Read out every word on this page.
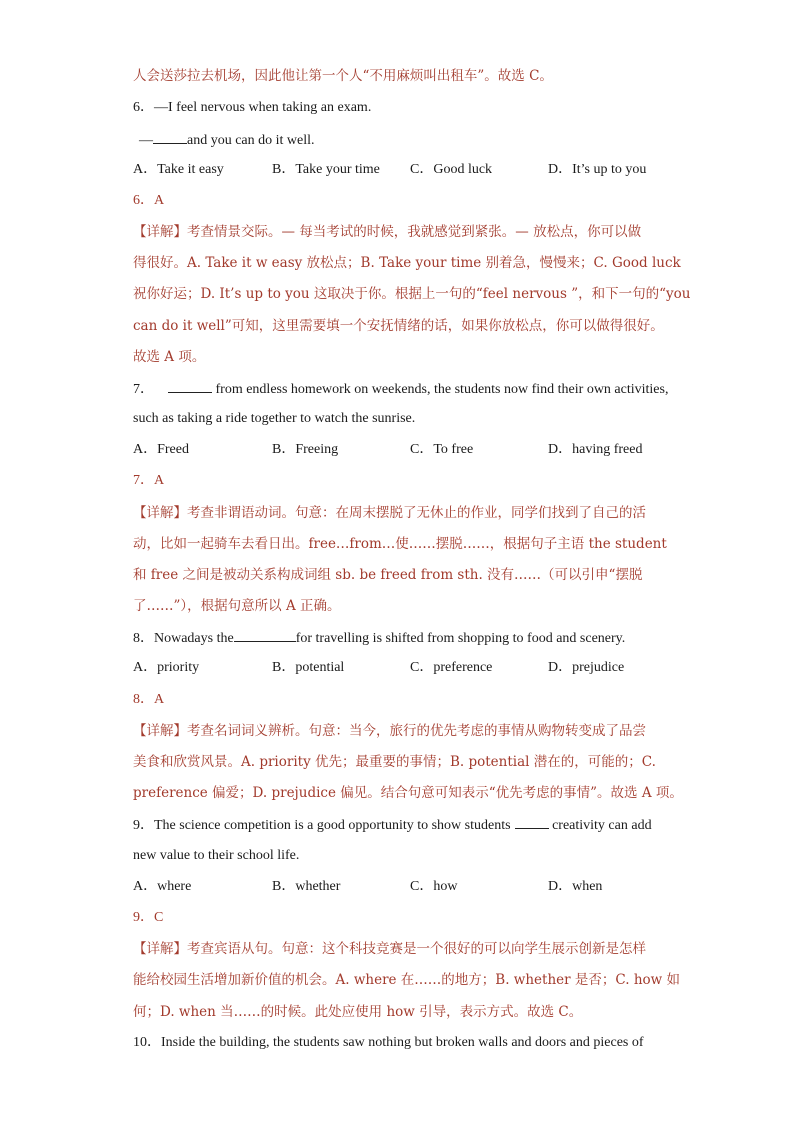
人会送莎拉去机场，因此他让第一个人“不用麻烦叫出租车”。故选 C。
6．—I feel nervous when taking an exam.
— and you can do it well.
A．Take it easy	B．Take your time C．Good luck	D．It’s up to you
6．A
【详解】考查情景交际。— 每当考试的时候，我就感觉到紧张。— 放松点，你可以做
得很好。A. Take it w easy 放松点；B. Take your time 别着急，慢慢来；C. Good luck
祝你好运；D. It’s up to you 这取决于你。根据上一句的“feel nervous ”，和下一句的“you
can do it well”可知，这里需要填一个安抚情绪的话，如果你放松点，你可以做得很好。
故选 A 项。
7．	from endless homework on weekends, the students now find their own activities,
such as taking a ride together to watch the sunrise.
A．Freed	B．Freeing	C．To free	D．having freed
7．A
【详解】考查非谓语动词。句意：在周末摆脱了无休止的作业，同学们找到了自己的活
动，比如一起骑车去看日出。free…from…使……摆脱……，根据句子主语 the student
和 free 之间是被动关系构成词组 sb. be freed from sth. 没有……（可以引申“摆脱
了……”），根据句意所以 A 正确。
8．Nowadays the	for travelling is shifted from shopping to food and scenery.
A．priority	B．potential	C．preference	D．prejudice
8．A
【详解】考查名词词义辨析。句意：当今，旅行的优先考虑的事情从购物转变成了品尝
美食和欣赏风景。A. priority 优先；最重要的事情；B. potential 潜在的，可能的；C.
preference 偏爱；D. prejudice 偏见。结合句意可知表示“优先考虑的事情”。故选 A 项。
9．The science competition is a good opportunity to show students	creativity can add
new value to their school life.
A．where	B．whether	C．how	D．when
9．C
【详解】考查宾语从句。句意：这个科技竞赛是一个很好的可以向学生展示创新是怎样
能给校园生活增加新价值的机会。A. where 在……的地方；B. whether 是否；C. how 如
何；D. when 当……的时候。此处应使用 how 引导，表示方式。故选 C。
10．Inside the building, the students saw nothing but broken walls and doors and pieces of
